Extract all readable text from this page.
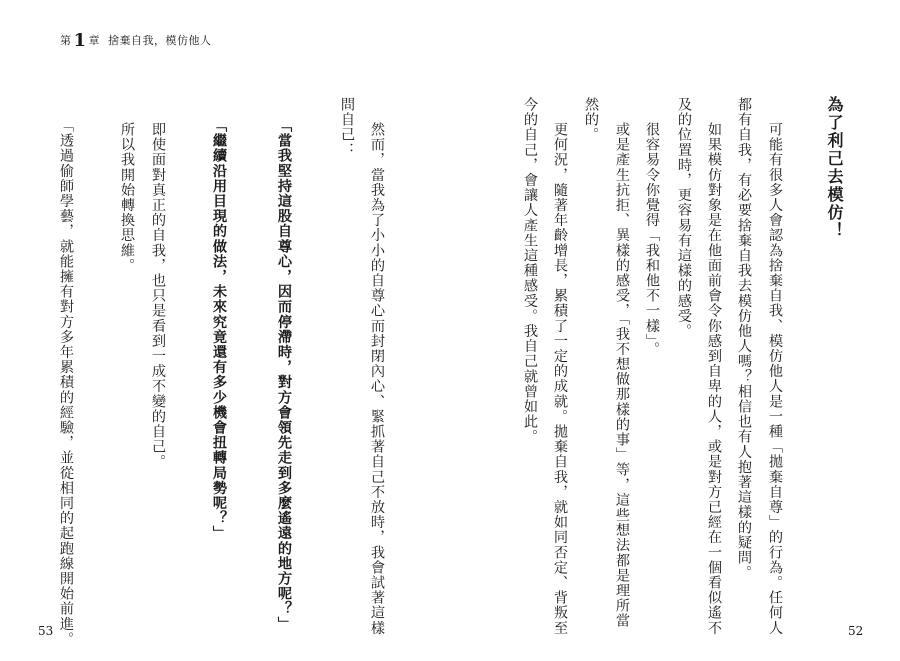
第 1 章 捨棄自我，模仿他人
為了利己去模仿！
可能有很多人會認為捨棄自我、模仿他人是一種「拋棄自尊」的行為。任何人
都有自我，有必要捨棄自我去模仿他人嗎？相信也有人抱著這樣的疑問。
如果模仿對象是在他面前會令你感到自卑的人，或是對方已經在一個看似遙不
及的位置時，更容易有這樣的感受。
很容易令你覺得「我和他不一樣」。
或是產生抗拒、異樣的感受，「我不想做那樣的事」等，這些想法都是理所當
然的。
更何況，隨著年齡增長，累積了一定的成就。拋棄自我，就如同否定、背叛至
今的自己，會讓人產生這種感受。我自己就曾如此。
然而，當我為了小小的自尊心而封閉內心、緊抓著自己不放時，我會試著這樣
問自己：
「當我堅持這股自尊心，因而停滯時，對方會領先走到多麼遙遠的地方呢？」
「繼續沿用目現的做法，未來究竟還有多少機會扭轉局勢呢？」
即使面對真正的自我，也只是看到一成不變的自己。
所以我開始轉換思維。
「透過偷師學藝，就能擁有對方多年累積的經驗，並從相同的起跑線開始前進。
53	52
